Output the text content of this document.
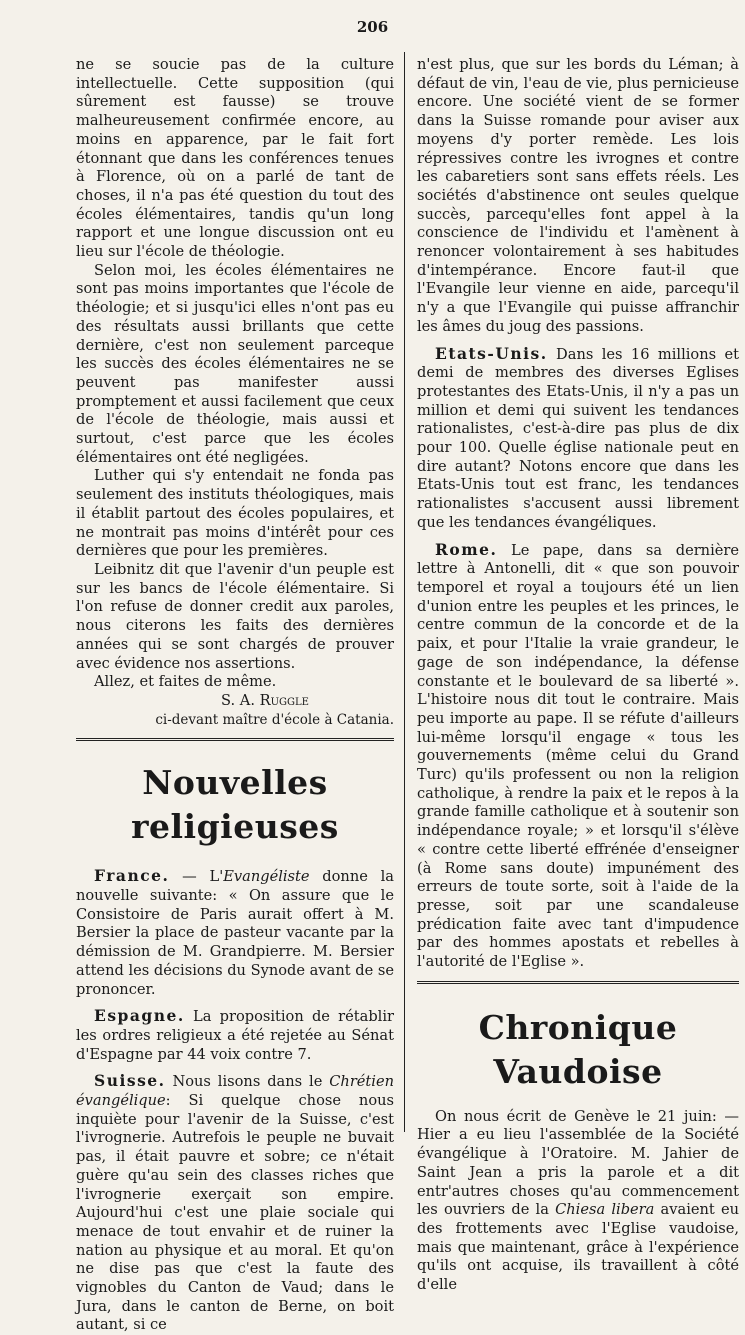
206

ne se soucie pas de la culture intellectuelle. Cette supposition (qui sûrement est fausse) se trouve malheureusement confirmée encore, au moins en apparence, par le fait fort étonnant que dans les conférences tenues à Florence, où on a parlé de tant de choses, il n'a pas été question du tout des écoles élémentaires, tandis qu'un long rapport et une longue discussion ont eu lieu sur l'école de théologie.

Selon moi, les écoles élémentaires ne sont pas moins importantes que l'école de théologie; et si jusqu'ici elles n'ont pas eu des résultats aussi brillants que cette dernière, c'est non seulement parceque les succès des écoles élémentaires ne se peuvent pas manifester aussi promptement et aussi facilement que ceux de l'école de théologie, mais aussi et surtout, c'est parce que les écoles élémentaires ont été negligées.

Luther qui s'y entendait ne fonda pas seulement des instituts théologiques, mais il établit partout des écoles populaires, et ne montrait pas moins d'intérêt pour ces dernières que pour les premières.

Leibnitz dit que l'avenir d'un peuple est sur les bancs de l'école élémentaire. Si l'on refuse de donner credit aux paroles, nous citerons les faits des dernières années qui se sont chargés de prouver avec évidence nos assertions.

Allez, et faites de même.

S. A. Ruggle

ci-devant maître d'école à Catania.

Nouvelles religieuses

France. — L'Evangéliste donne la nouvelle suivante: « On assure que le Consistoire de Paris aurait offert à M. Bersier la place de pasteur vacante par la démission de M. Grandpierre. M. Bersier attend les décisions du Synode avant de se prononcer.

Espagne. La proposition de rétablir les ordres religieux a été rejetée au Sénat d'Espagne par 44 voix contre 7.

Suisse. Nous lisons dans le Chrétien évangélique: Si quelque chose nous inquiète pour l'avenir de la Suisse, c'est l'ivrognerie. Autrefois le peuple ne buvait pas, il était pauvre et sobre; ce n'était guère qu'au sein des classes riches que l'ivrognerie exerçait son empire. Aujourd'hui c'est une plaie sociale qui menace de tout envahir et de ruiner la nation au physique et au moral. Et qu'on ne dise pas que c'est la faute des vignobles du Canton de Vaud; dans le Jura, dans le canton de Berne, on boit autant, si ce

n'est plus, que sur les bords du Léman; à défaut de vin, l'eau de vie, plus pernicieuse encore. Une société vient de se former dans la Suisse romande pour aviser aux moyens d'y porter remède. Les lois répressives contre les ivrognes et contre les cabaretiers sont sans effets réels. Les sociétés d'abstinence ont seules quelque succès, parcequ'elles font appel à la conscience de l'individu et l'amènent à renoncer volontairement à ses habitudes d'intempérance. Encore faut-il que l'Evangile leur vienne en aide, parcequ'il n'y a que l'Evangile qui puisse affranchir les âmes du joug des passions.

Etats-Unis. Dans les 16 millions et demi de membres des diverses Eglises protestantes des Etats-Unis, il n'y a pas un million et demi qui suivent les tendances rationalistes, c'est-à-dire pas plus de dix pour 100. Quelle église nationale peut en dire autant? Notons encore que dans les Etats-Unis tout est franc, les tendances rationalistes s'accusent aussi librement que les tendances évangéliques.

Rome. Le pape, dans sa dernière lettre à Antonelli, dit « que son pouvoir temporel et royal a toujours été un lien d'union entre les peuples et les princes, le centre commun de la concorde et de la paix, et pour l'Italie la vraie grandeur, le gage de son indépendance, la défense constante et le boulevard de sa liberté ». L'histoire nous dit tout le contraire. Mais peu importe au pape. Il se réfute d'ailleurs lui-même lorsqu'il engage « tous les gouvernements (même celui du Grand Turc) qu'ils professent ou non la religion catholique, à rendre la paix et le repos à la grande famille catholique et à soutenir son indépendance royale; » et lorsqu'il s'élève « contre cette liberté effrénée d'enseigner (à Rome sans doute) impunément des erreurs de toute sorte, soit à l'aide de la presse, soit par une scandaleuse prédication faite avec tant d'impudence par des hommes apostats et rebelles à l'autorité de l'Eglise ».

Chronique Vaudoise

On nous écrit de Genève le 21 juin: — Hier a eu lieu l'assemblée de la Société évangélique à l'Oratoire. M. Jahier de Saint Jean a pris la parole et a dit entr'autres choses qu'au commencement les ouvriers de la Chiesa libera avaient eu des frottements avec l'Eglise vaudoise, mais que maintenant, grâce à l'expérience qu'ils ont acquise, ils travaillent à côté d'elle
